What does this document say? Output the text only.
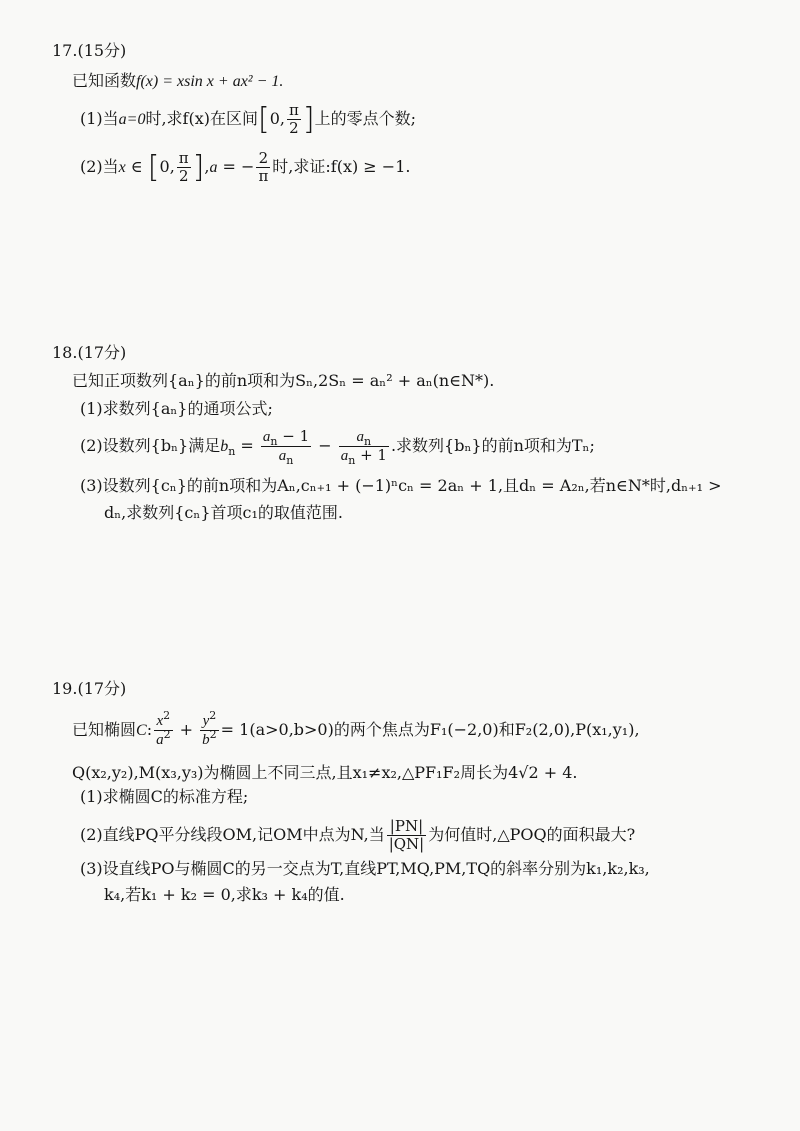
17.(15分)
已知函数f(x) = xsin x + ax² − 1.
(1)当a=0时,求f(x)在区间[0, $\frac{\pi}{2}$ ]上的零点个数;
(2)当x ∈ [0, $\frac{\pi}{2} ],a$ = − $\frac{2}{\pi}$ 时,求证:f(x) ≥ −1.
18.(17分)
已知正项数列{aₙ}的前n项和为Sₙ,2Sₙ = aₙ² + aₙ(n∈N*).
(1)求数列{aₙ}的通项公式;
(2)设数列{bₙ}满足$b_n = \frac{a_n - 1}{a_n} - \frac{a_n}{a_n + 1}$ .求数列{bₙ}的前n项和为Tₙ;
(3)设数列{cₙ}的前n项和为Aₙ,cₙ₊₁ + (−1)ⁿcₙ = 2aₙ + 1,且dₙ = A₂ₙ,若n∈N*时,dₙ₊₁ >
dₙ,求数列{cₙ}首项c₁的取值范围.
19.(17分)
已知椭圆C: $\frac{x^2}{a^2} + \frac{y^2}{b^2} = 1(a>0,b>0)$的两个焦点为F₁(−2,0)和F₂(2,0),P(x₁,y₁),
Q(x₂,y₂),M(x₃,y₃)为椭圆上不同三点,且x₁≠x₂,△PF₁F₂周长为4√2 + 4.
(1)求椭圆C的标准方程;
(2)直线PQ平分线段OM,记OM中点为N,当 $\frac{|PN|}{|QN|}$ 为何值时,△POQ的面积最大?
(3)设直线PO与椭圆C的另一交点为T,直线PT,MQ,PM,TQ的斜率分别为k₁,k₂,k₃,
k₄,若k₁ + k₂ = 0,求k₃ + k₄的值.
